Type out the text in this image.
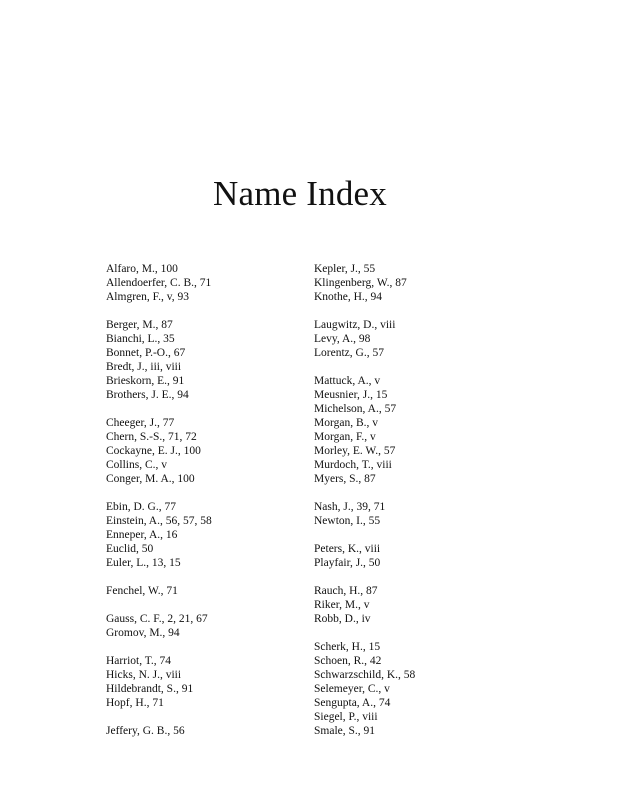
Name Index
Alfaro, M., 100
Allendoerfer, C. B., 71
Almgren, F., v, 93
Berger, M., 87
Bianchi, L., 35
Bonnet, P.-O., 67
Bredt, J., iii, viii
Brieskorn, E., 91
Brothers, J. E., 94
Cheeger, J., 77
Chern, S.-S., 71, 72
Cockayne, E. J., 100
Collins, C., v
Conger, M. A., 100
Ebin, D. G., 77
Einstein, A., 56, 57, 58
Enneper, A., 16
Euclid, 50
Euler, L., 13, 15
Fenchel, W., 71
Gauss, C. F., 2, 21, 67
Gromov, M., 94
Harriot, T., 74
Hicks, N. J., viii
Hildebrandt, S., 91
Hopf, H., 71
Jeffery, G. B., 56
Kepler, J., 55
Klingenberg, W., 87
Knothe, H., 94
Laugwitz, D., viii
Levy, A., 98
Lorentz, G., 57
Mattuck, A., v
Meusnier, J., 15
Michelson, A., 57
Morgan, B., v
Morgan, F., v
Morley, E. W., 57
Murdoch, T., viii
Myers, S., 87
Nash, J., 39, 71
Newton, I., 55
Peters, K., viii
Playfair, J., 50
Rauch, H., 87
Riker, M., v
Robb, D., iv
Scherk, H., 15
Schoen, R., 42
Schwarzschild, K., 58
Selemeyer, C., v
Sengupta, A., 74
Siegel, P., viii
Smale, S., 91
